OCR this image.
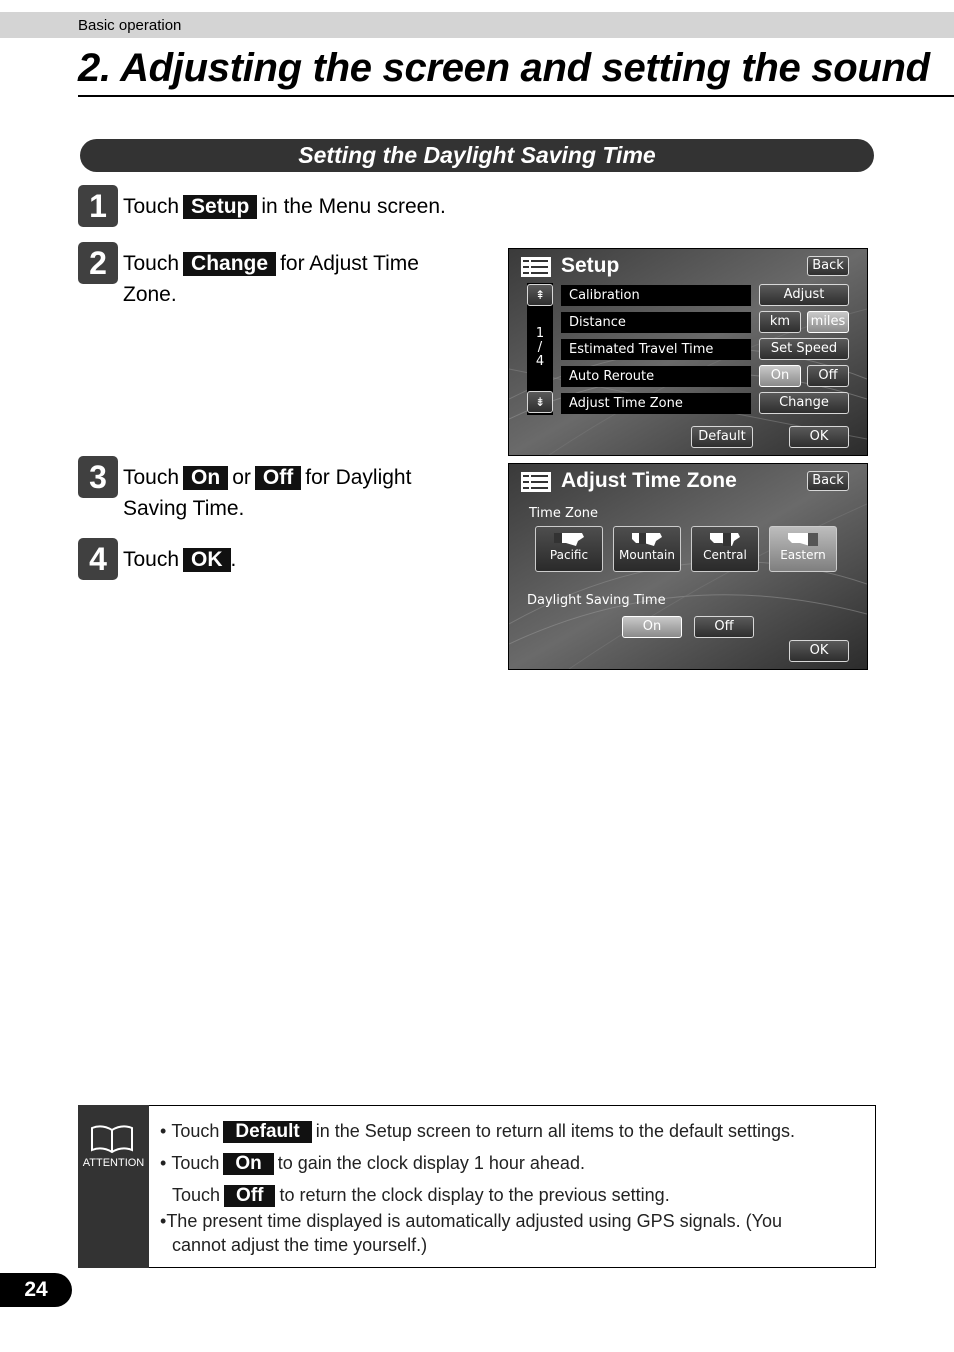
Basic operation
2. Adjusting the screen and setting the sound
Setting the Daylight Saving Time
1 Touch Setup in the Menu screen.
2 Touch Change for Adjust Time
Zone.
3 Touch On or Off for Daylight
Saving Time.
4 Touch OK .
Setup	Back
⇞
1
/
4
⇟
Calibration	Adjust
Distance	km	miles
Estimated Travel Time	Set Speed
Auto Reroute	On	Off
Adjust Time Zone	Change
Default	OK
Adjust Time Zone	Back
Time Zone
Pacific	Mountain	Central	Eastern
Daylight Saving Time
On	Off
OK
ATTENTION
• Touch Default in the Setup screen to return all items to the default settings.
• Touch On to gain the clock display 1 hour ahead.
Touch Off to return the clock display to the previous setting.
•The present time displayed is automatically adjusted using GPS signals. (You
cannot adjust the time yourself.)
24
